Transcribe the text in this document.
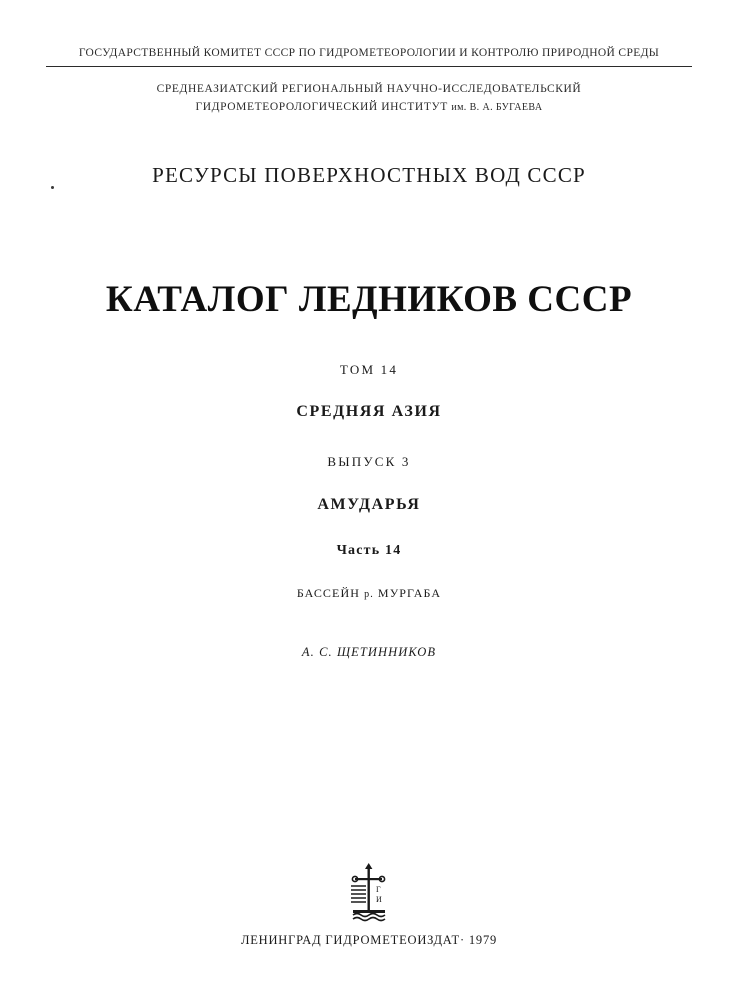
ГОСУДАРСТВЕННЫЙ КОМИТЕТ СССР ПО ГИДРОМЕТЕОРОЛОГИИ И КОНТРОЛЮ ПРИРОДНОЙ СРЕДЫ
СРЕДНЕАЗИАТСКИЙ РЕГИОНАЛЬНЫЙ НАУЧНО-ИССЛЕДОВАТЕЛЬСКИЙ
ГИДРОМЕТЕОРОЛОГИЧЕСКИЙ ИНСТИТУТ им. В. А. БУГАЕВА
РЕСУРСЫ ПОВЕРХНОСТНЫХ ВОД СССР
КАТАЛОГ ЛЕДНИКОВ СССР
ТОМ 14
СРЕДНЯЯ АЗИЯ
ВЫПУСК 3
АМУДАРЬЯ
Часть 14
БАССЕЙН р. МУРГАБА
А. С. ЩЕТИННИКОВ
Г
И
ЛЕНИНГРАД ГИДРОМЕТЕОИЗДАТ· 1979
